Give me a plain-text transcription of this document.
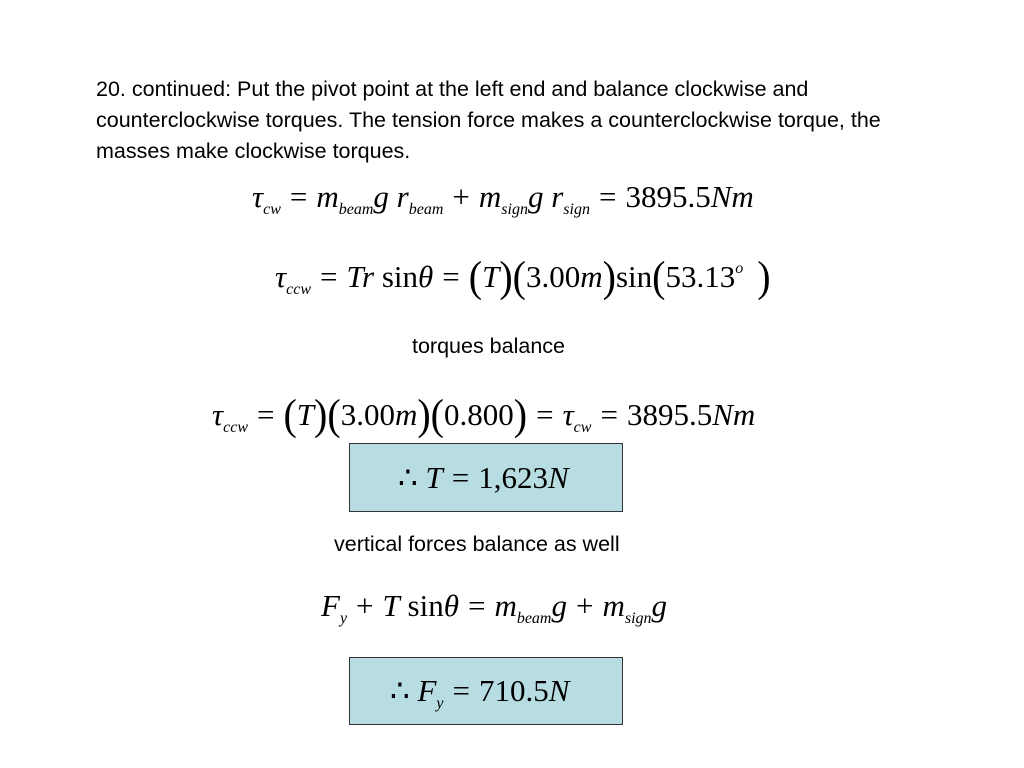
20. continued: Put the pivot point at the left end and balance clockwise and counterclockwise torques. The tension force makes a counterclockwise torque, the masses make clockwise torques.
$\tau_{cw} = m_{beam}g$ $r_{beam} + m_{sign}g$ $r_{sign} = 3895.5Nm$
$\tau_{ccw} = Tr$ $\sin\theta = (T)(3.00m)\sin(53.13^o$ )
torques balance
$\tau_{ccw} = (T)(3.00m)(0.800) = \tau_{cw} = 3895.5Nm$
∴ T = 1,623N
vertical forces balance as well
$F_y + T$ $\sin\theta = m_{beam}g + m_{sign}g$
∴ $F_y = 710.5N$
